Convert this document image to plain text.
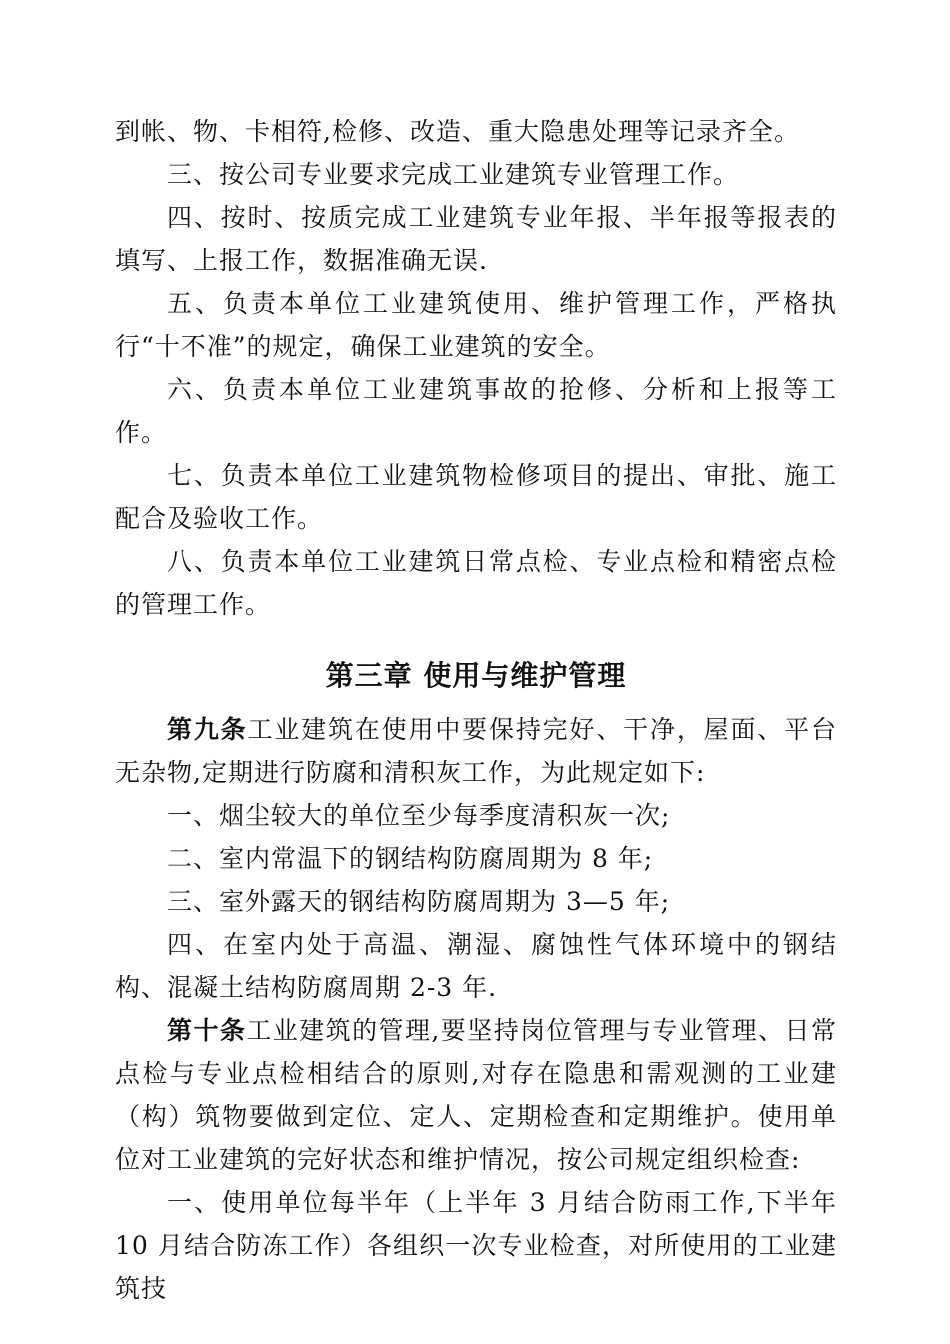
到帐、物、卡相符,检修、改造、重大隐患处理等记录齐全。

三、按公司专业要求完成工业建筑专业管理工作。

四、按时、按质完成工业建筑专业年报、半年报等报表的填写、上报工作，数据准确无误.

五、负责本单位工业建筑使用、维护管理工作，严格执行“十不准”的规定，确保工业建筑的安全。

六、负责本单位工业建筑事故的抢修、分析和上报等工作。

七、负责本单位工业建筑物检修项目的提出、审批、施工配合及验收工作。

八、负责本单位工业建筑日常点检、专业点检和精密点检的管理工作。

第三章 使用与维护管理

第九条工业建筑在使用中要保持完好、干净，屋面、平台无杂物,定期进行防腐和清积灰工作，为此规定如下:

一、烟尘较大的单位至少每季度清积灰一次;

二、室内常温下的钢结构防腐周期为 8 年;

三、室外露天的钢结构防腐周期为 3—5 年;

四、在室内处于高温、潮湿、腐蚀性气体环境中的钢结构、混凝土结构防腐周期 2-3 年.

第十条工业建筑的管理,要坚持岗位管理与专业管理、日常点检与专业点检相结合的原则,对存在隐患和需观测的工业建（构）筑物要做到定位、定人、定期检查和定期维护。使用单位对工业建筑的完好状态和维护情况，按公司规定组织检查:

一、使用单位每半年（上半年 3 月结合防雨工作,下半年 10 月结合防冻工作）各组织一次专业检查，对所使用的工业建筑技
